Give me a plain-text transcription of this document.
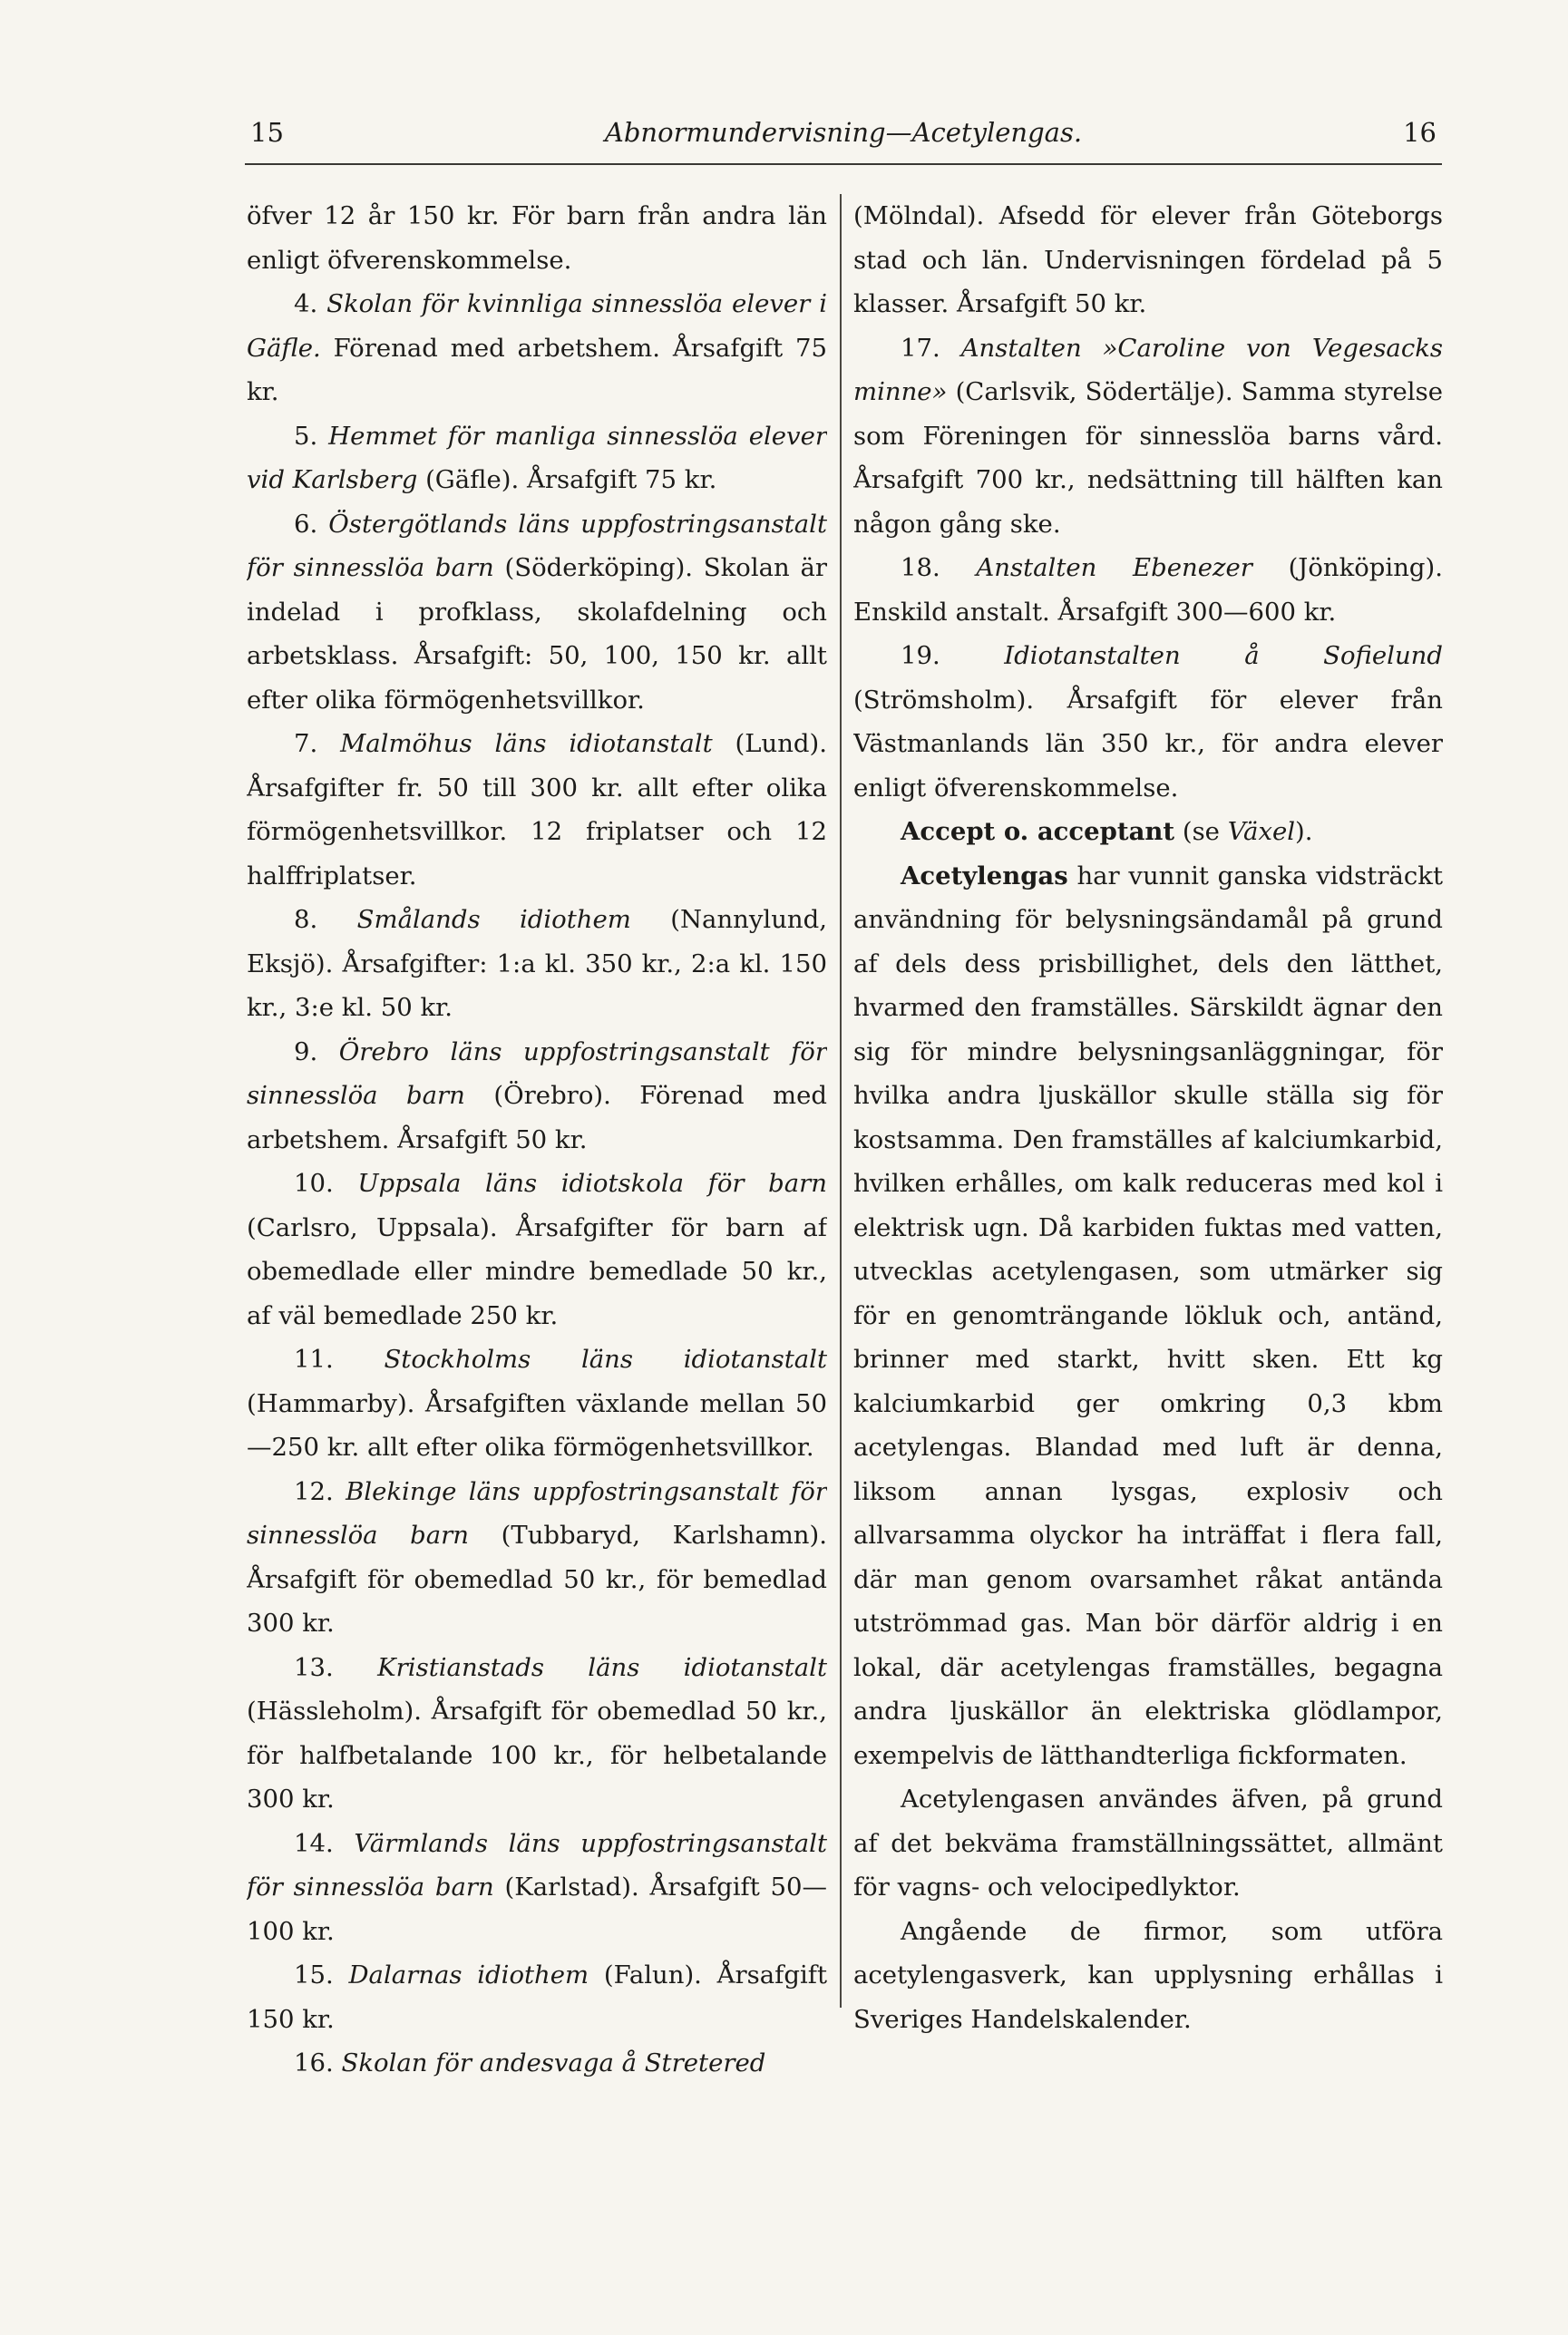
15	Abnormundervisning—Acetylengas.	16

öfver 12 år 150 kr. För barn från andra län enligt öfverenskommelse.

4. Skolan för kvinnliga sinnesslöa elever i Gäfle. Förenad med arbetshem. Årsafgift 75 kr.

5. Hemmet för manliga sinnesslöa elever vid Karlsberg (Gäfle). Årsafgift 75 kr.

6. Östergötlands läns uppfostringsanstalt för sinnesslöa barn (Söderköping). Skolan är indelad i profklass, skolafdelning och arbetsklass. Årsafgift: 50, 100, 150 kr. allt efter olika förmögenhetsvillkor.

7. Malmöhus läns idiotanstalt (Lund). Årsafgifter fr. 50 till 300 kr. allt efter olika förmögenhetsvillkor. 12 friplatser och 12 halffriplatser.

8. Smålands idiothem (Nannylund, Eksjö). Årsafgifter: 1:a kl. 350 kr., 2:a kl. 150 kr., 3:e kl. 50 kr.

9. Örebro läns uppfostringsanstalt för sinnesslöa barn (Örebro). Förenad med arbetshem. Årsafgift 50 kr.

10. Uppsala läns idiotskola för barn (Carlsro, Uppsala). Årsafgifter för barn af obemedlade eller mindre bemedlade 50 kr., af väl bemedlade 250 kr.

11. Stockholms läns idiotanstalt (Hammarby). Årsafgiften växlande mellan 50—250 kr. allt efter olika förmögenhetsvillkor.

12. Blekinge läns uppfostringsanstalt för sinnesslöa barn (Tubbaryd, Karlshamn). Årsafgift för obemedlad 50 kr., för bemedlad 300 kr.

13. Kristianstads läns idiotanstalt (Hässleholm). Årsafgift för obemedlad 50 kr., för halfbetalande 100 kr., för helbetalande 300 kr.

14. Värmlands läns uppfostringsanstalt för sinnesslöa barn (Karlstad). Årsafgift 50—100 kr.

15. Dalarnas idiothem (Falun). Årsafgift 150 kr.

16. Skolan för andesvaga å Stretered

(Mölndal). Afsedd för elever från Göteborgs stad och län. Undervisningen fördelad på 5 klasser. Årsafgift 50 kr.

17. Anstalten »Caroline von Vegesacks minne» (Carlsvik, Södertälje). Samma styrelse som Föreningen för sinnesslöa barns vård. Årsafgift 700 kr., nedsättning till hälften kan någon gång ske.

18. Anstalten Ebenezer (Jönköping). Enskild anstalt. Årsafgift 300—600 kr.

19.	Idiotanstalten å Sofielund (Strömsholm). Årsafgift för elever från Västmanlands län 350 kr., för andra elever enligt öfverenskommelse.

Accept o. acceptant (se Växel).

Acetylengas har vunnit ganska vidsträckt användning för belysningsändamål på grund af dels dess prisbillighet, dels den lätthet, hvarmed den framställes. Särskildt ägnar den sig för mindre belysningsanläggningar, för hvilka andra ljuskällor skulle ställa sig för kostsamma. Den framställes af kalciumkarbid, hvilken erhålles, om kalk reduceras med kol i elektrisk ugn. Då karbiden fuktas med vatten, utvecklas acetylengasen, som utmärker sig för en genomträngande lökluk och, antänd, brinner med starkt, hvitt sken. Ett kg kalciumkarbid ger omkring 0,3 kbm acetylengas. Blandad med luft är denna, liksom annan lysgas, explosiv och allvarsamma olyckor ha inträffat i flera fall, där man genom ovarsamhet råkat antända utströmmad gas. Man bör därför aldrig i en lokal, där acetylengas framställes, begagna andra ljuskällor än elektriska glödlampor, exempelvis de lätthandterliga fickformaten.

Acetylengasen användes äfven, på grund af det bekväma framställningssättet, allmänt för vagns- och velocipedlyktor.

Angående de firmor, som utföra acetylengasverk, kan upplysning erhållas i Sveriges Handelskalender.
